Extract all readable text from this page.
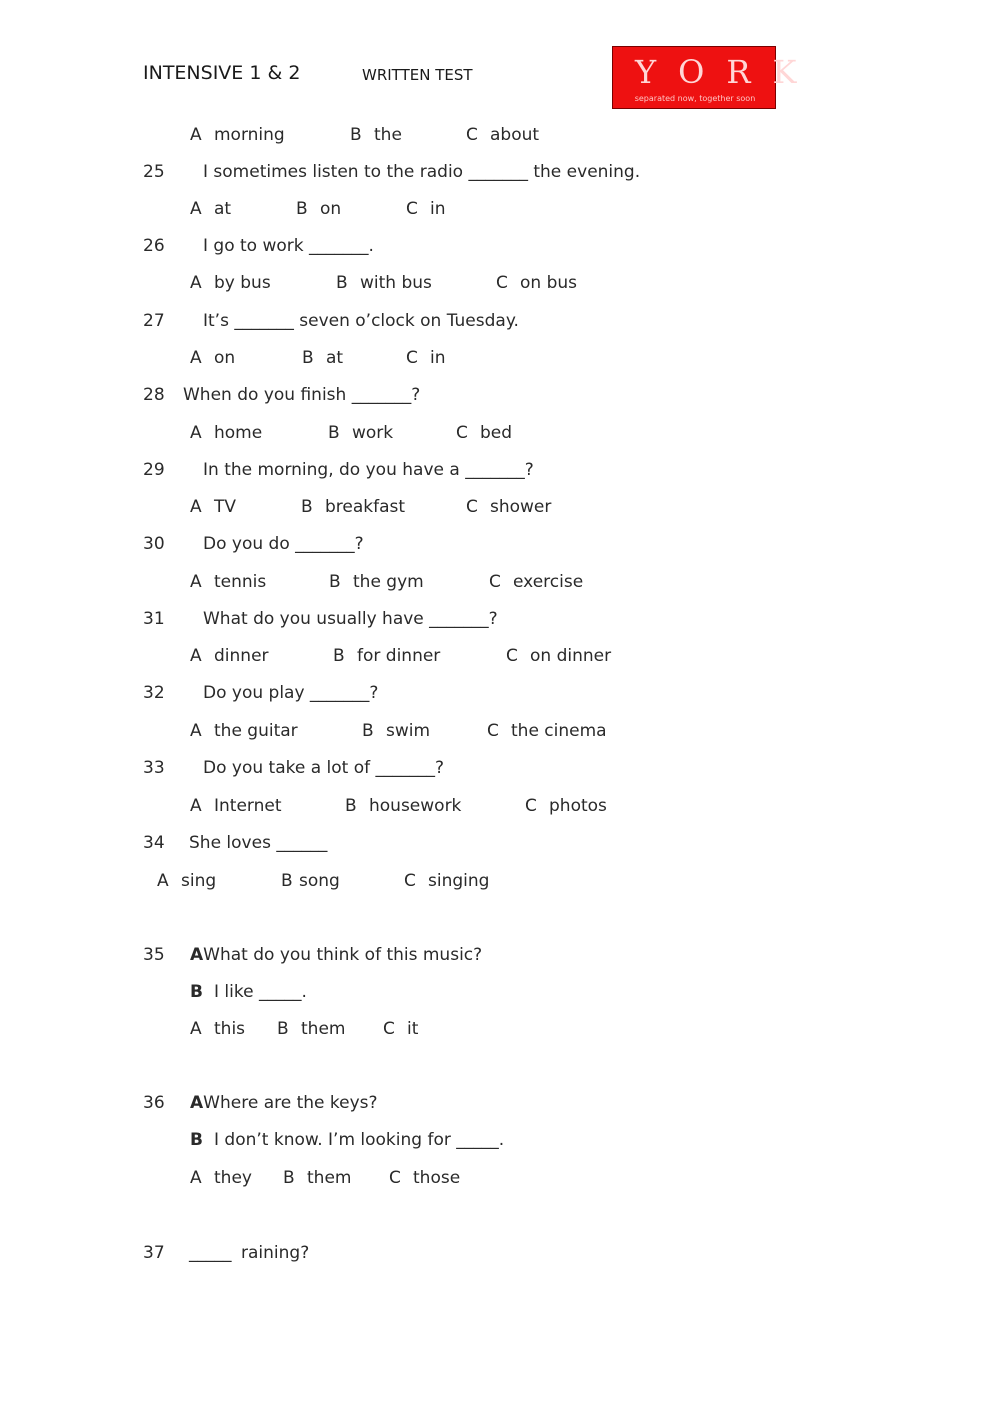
INTENSIVE 1 & 2	WRITTEN TEST	YORK
separated now, together soon
A morning	B the	C about
25 I sometimes listen to the radio _______ the evening.
A at	B on	C in
26 I go to work _______.
A by bus	B with bus	C on bus
27 It’s _______ seven o’clock on Tuesday.
A on	B at	C in
28 When do you finish _______?
A home	B work	C bed
29 In the morning, do you have a _______?
A TV	B breakfast	C shower
30 Do you do _______?
A tennis	B the gym	C exercise
31 What do you usually have _______?
A dinner	B for dinner	C on dinner
32 Do you play _______?
A the guitar	B swim	C the cinema
33 Do you take a lot of _______?
A Internet	B housework	C photos
34 She loves ______
A sing	B song	C singing
35 AWhat do you think of this music?
B I like _____.
A this B them C it
36 AWhere are the keys?
B I don’t know. I’m looking for _____.
A they B them C those
37 _____ raining?
